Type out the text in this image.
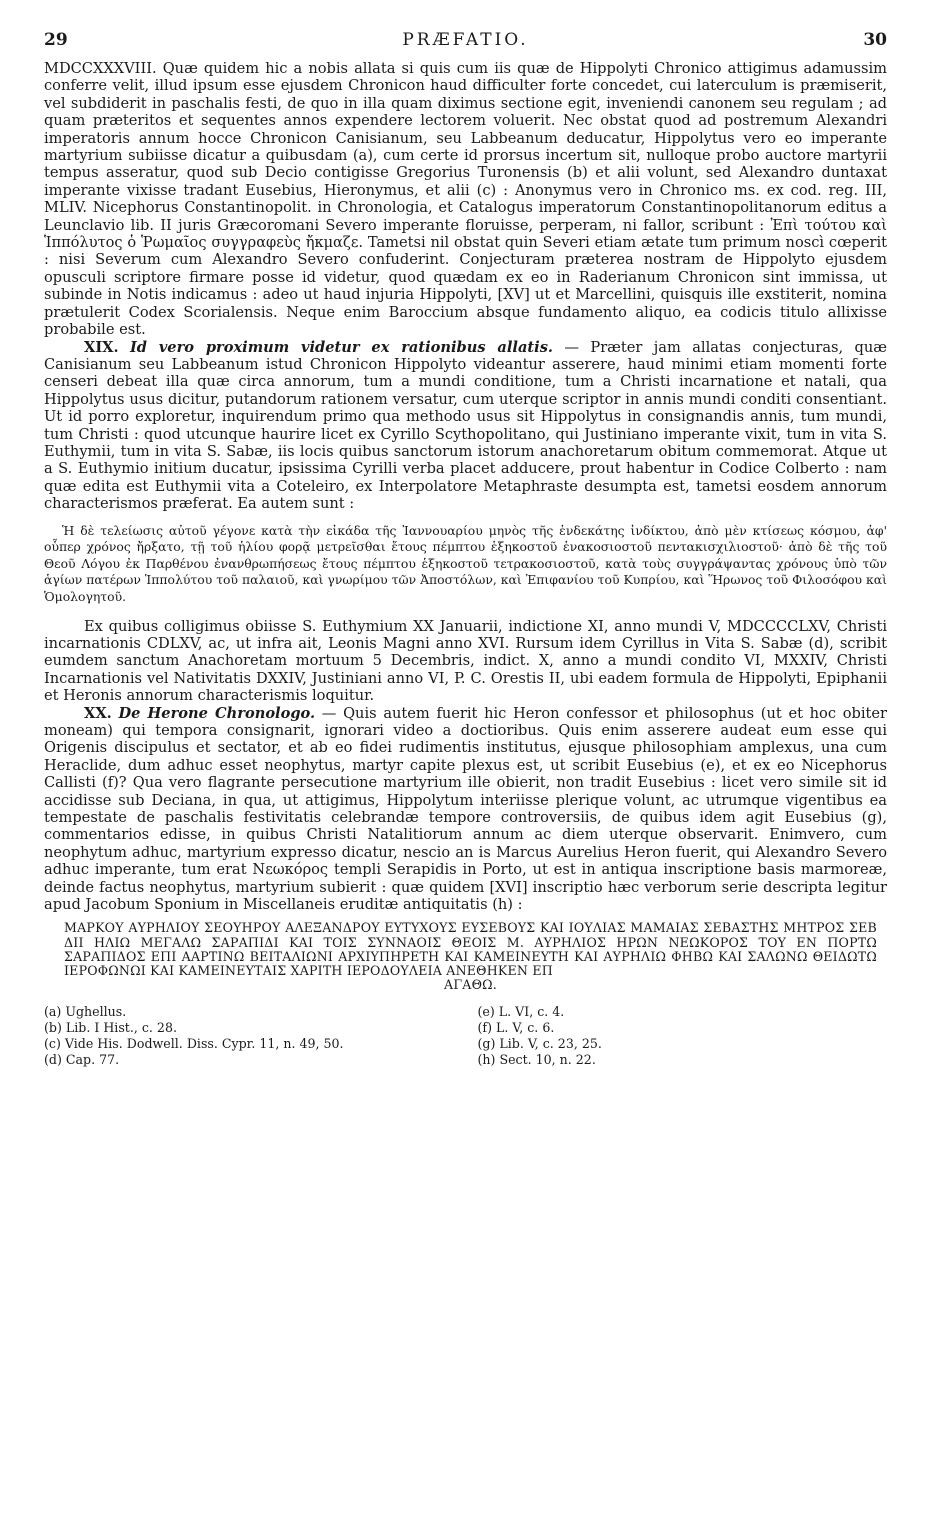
29	PRÆFATIO.	30

MDCCXXXVIII. Quæ quidem hic a nobis allata si quis cum iis quæ de Hippolyti Chronico attigimus adamussim conferre velit, illud ipsum esse ejusdem Chronicon haud difficulter forte concedet, cui laterculum is præmiserit, vel subdiderit in paschalis festi, de quo in illa quam diximus sectione egit, inveniendi canonem seu regulam ; ad quam præteritos et sequentes annos expendere lectorem voluerit. Nec obstat quod ad postremum Alexandri imperatoris annum hocce Chronicon Canisianum, seu Labbeanum deducatur, Hippolytus vero eo imperante martyrium subiisse dicatur a quibusdam (a), cum certe id prorsus incertum sit, nulloque probo auctore martyrii tempus asseratur, quod sub Decio contigisse Gregorius Turonensis (b) et alii volunt, sed Alexandro duntaxat imperante vixisse tradant Eusebius, Hieronymus, et alii (c) : Anonymus vero in Chronico ms. ex cod. reg. III, MLIV. Nicephorus Constantinopolit. in Chronologia, et Catalogus imperatorum Constantinopolitanorum editus a Leunclavio lib. II juris Græcoromani Severo imperante floruisse, perperam, ni fallor, scribunt : Ἐπὶ τούτου καὶ Ἱππόλυτος ὁ Ῥωμαῖος συγγραφεὺς ἤκμαζε. Tametsi nil obstat quin Severi etiam ætate tum primum noscì cœperit : nisi Severum cum Alexandro Severo confuderint. Conjecturam præterea nostram de Hippolyto ejusdem opusculi scriptore firmare posse id videtur, quod quædam ex eo in Raderianum Chronicon sint immissa, ut subinde in Notis indicamus : adeo ut haud injuria Hippolyti, [XV] ut et Marcellini, quisquis ille exstiterit, nomina prætulerit Codex Scorialensis. Neque enim Baroccium absque fundamento aliquo, ea codicis titulo allixisse probabile est.

XIX. Id vero proximum videtur ex rationibus allatis. — Præter jam allatas conjecturas, quæ Canisianum seu Labbeanum istud Chronicon Hippolyto videantur asserere, haud minimi etiam momenti forte censeri debeat illa quæ circa annorum, tum a mundi conditione, tum a Christi incarnatione et natali, qua Hippolytus usus dicitur, putandorum rationem versatur, cum uterque scriptor in annis mundi conditi consentiant. Ut id porro exploretur, inquirendum primo qua methodo usus sit Hippolytus in consignandis annis, tum mundi, tum Christi : quod utcunque haurire licet ex Cyrillo Scythopolitano, qui Justiniano imperante vixit, tum in vita S. Euthymii, tum in vita S. Sabæ, iis locis quibus sanctorum istorum anachoretarum obitum commemorat. Atque ut a S. Euthymio initium ducatur, ipsissima Cyrilli verba placet adducere, prout habentur in Codice Colberto : nam quæ edita est Euthymii vita a Coteleiro, ex Interpolatore Metaphraste desumpta est, tametsi eosdem annorum characterismos præferat. Ea autem sunt :

Ἡ δὲ τελείωσις αὐτοῦ γέγονε κατὰ τὴν εἰκάδα τῆς Ἰαννουαρίου μηνὸς τῆς ἑνδεκάτης ἰνδίκτου, ἀπὸ μὲν κτίσεως κόσμου, ἀφ' οὗπερ χρόνος ἤρξατο, τῇ τοῦ ἡλίου φορᾷ μετρεῖσθαι ἔτους πέμπτου ἑξηκοστοῦ ἑνακοσιοστοῦ πεντακισχιλιοστοῦ· ἀπὸ δὲ τῆς τοῦ Θεοῦ Λόγου ἐκ Παρθένου ἐνανθρωπήσεως ἔτους πέμπτου ἑξηκοστοῦ τετρακοσιοστοῦ, κατὰ τοὺς συγγράψαντας χρόνους ὑπὸ τῶν ἁγίων πατέρων Ἱππολύτου τοῦ παλαιοῦ, καὶ γνωρίμου τῶν Ἀποστόλων, καὶ Ἐπιφανίου τοῦ Κυπρίου, καὶ Ἥρωνος τοῦ Φιλοσόφου καὶ Ὁμολογητοῦ.

Ex quibus colligimus obiisse S. Euthymium XX Januarii, indictione XI, anno mundi V, MDCCCCLXV, Christi incarnationis CDLXV, ac, ut infra ait, Leonis Magni anno XVI. Rursum idem Cyrillus in Vita S. Sabæ (d), scribit eumdem sanctum Anachoretam mortuum 5 Decembris, indict. X, anno a mundi condito VI, MXXIV, Christi Incarnationis vel Nativitatis DXXIV, Justiniani anno VI, P. C. Orestis II, ubi eadem formula de Hippolyti, Epiphanii et Heronis annorum characterismis loquitur.

XX. De Herone Chronologo. — Quis autem fuerit hic Heron confessor et philosophus (ut et hoc obiter moneam) qui tempora consignarit, ignorari video a doctioribus. Quis enim asserere audeat eum esse qui Origenis discipulus et sectator, et ab eo fidei rudimentis institutus, ejusque philosophiam amplexus, una cum Heraclide, dum adhuc esset neophytus, martyr capite plexus est, ut scribit Eusebius (e), et ex eo Nicephorus Callisti (f)? Qua vero flagrante persecutione martyrium ille obierit, non tradit Eusebius : licet vero simile sit id accidisse sub Deciana, in qua, ut attigimus, Hippolytum interiisse plerique volunt, ac utrumque vigentibus ea tempestate de paschalis festivitatis celebrandæ tempore controversiis, de quibus idem agit Eusebius (g), commentarios edisse, in quibus Christi Natalitiorum annum ac diem uterque observarit. Enimvero, cum neophytum adhuc, martyrium expresso dicatur, nescio an is Marcus Aurelius Heron fuerit, qui Alexandro Severo adhuc imperante, tum erat Νεωκόρος templi Serapidis in Porto, ut est in antiqua inscriptione basis marmoreæ, deinde factus neophytus, martyrium subierit : quæ quidem [XVI] inscriptio hæc verborum serie descripta legitur apud Jacobum Sponium in Miscellaneis eruditæ antiquitatis (h) :

ΜΑΡΚΟΥ ΑΥΡΗΛΙΟΥ ΣΕΟΥΗΡΟΥ ΑΛΕΞΑΝΔΡΟΥ ΕΥΤΥΧΟΥΣ ΕΥΣΕΒΟΥΣ ΚΑΙ ΙΟΥΛΙΑΣ ΜΑΜΑΙΑΣ ΣΕΒΑΣΤΗΣ ΜΗΤΡΟΣ ΣΕΒ ΔΙΙ ΗΛΙΩ ΜΕΓΑΛΩ ΣΑΡΑΠΙΔΙ ΚΑΙ ΤΟΙΣ ΣΥΝΝΑΟΙΣ ΘΕΟΙΣ Μ. ΑΥΡΗΛΙΟΣ ΗΡΩΝ ΝΕΩΚΟΡΟΣ ΤΟΥ ΕΝ ΠΟΡΤΩ ΣΑΡΑΠΙΔΟΣ ΕΠΙ ΑΑΡΤΙΝΩ ΒΕΙΤΑΛΙΩΝΙ ΑΡΧΙΥΠΗΡΕΤΗ ΚΑΙ ΚΑΜΕΙΝΕΥΤΗ ΚΑΙ ΑΥΡΗΛΙΩ ΦΗΒΩ ΚΑΙ ΣΑΛΩΝΩ ΘΕΙΔΩΤΩ ΙΕΡΟΦΩΝΩΙ ΚΑΙ ΚΑΜΕΙΝΕΥΤΑΙΣ ΧΑΡΙΤΗ ΙΕΡΟΔΟΥΛΕΙΑ ΑΝΕΘΗΚΕΝ ΕΠ
ΑΓΑΘΩ.
(a) Ughellus.
(b) Lib. I Hist., c. 28.
(c) Vide His. Dodwell. Diss. Cypr. 11, n. 49, 50.
(d) Cap. 77.
(e) L. VI, c. 4.
(f) L. V, c. 6.
(g) Lib. V, c. 23, 25.
(h) Sect. 10, n. 22.
